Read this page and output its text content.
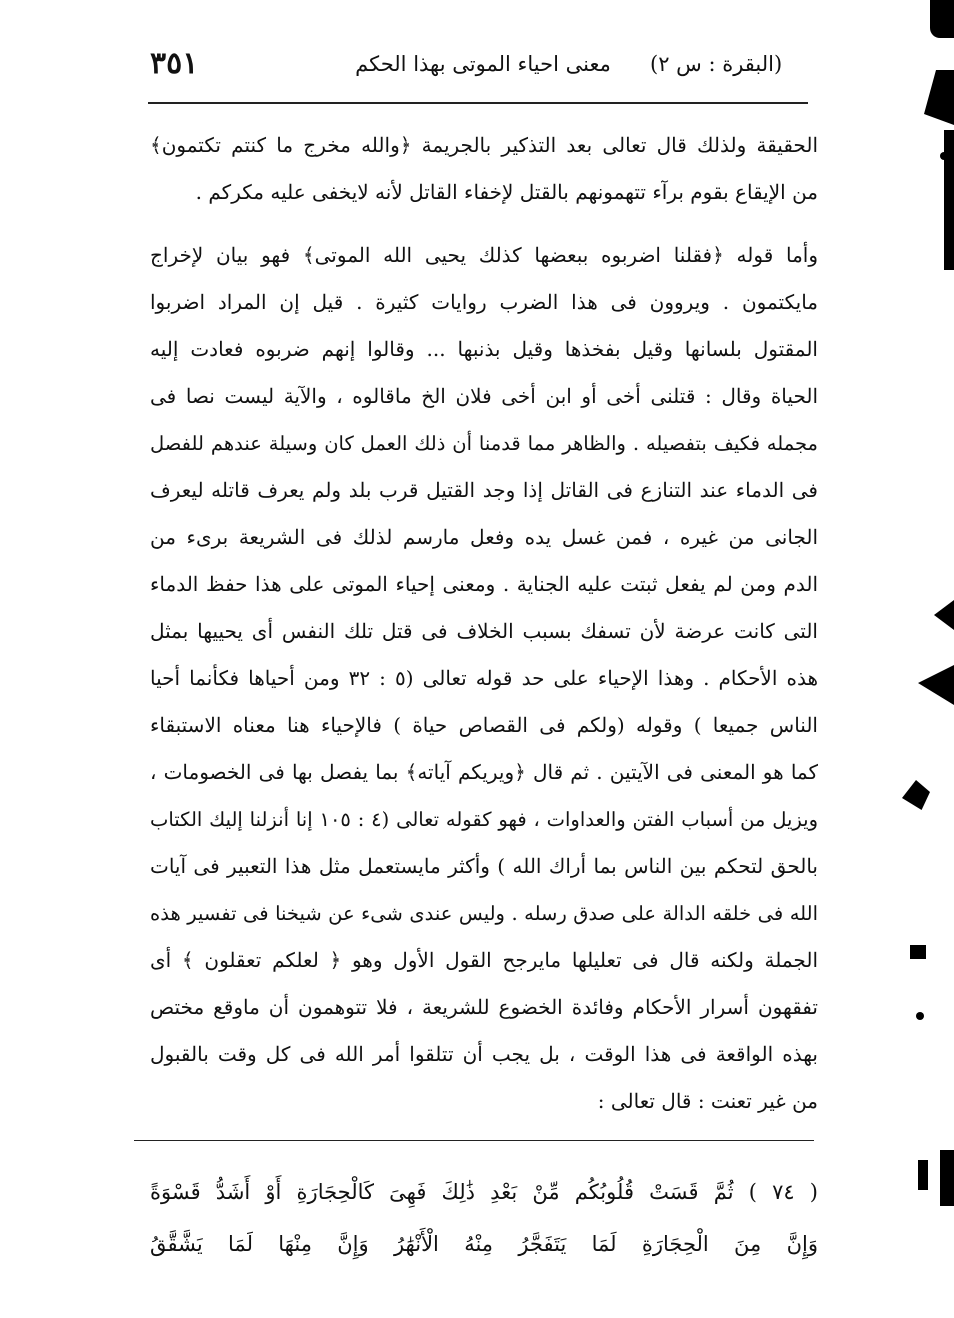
(البقرة : س ٢)
معنى احياء الموتى بهذا الحكم
٣٥١
الحقيقة ولذلك قال تعالى بعد التذكير بالجريمة ﴿والله مخرج ما كنتم تكتمون﴾
من الإيقاع بقوم برآء تتهمونهم بالقتل لإخفاء القاتل لأنه لايخفى عليه مكركم .
وأما قوله ﴿فقلنا اضربوه ببعضها كذلك يحيى الله الموتى﴾ فهو بيان لإخراج
مايكتمون . ويروون فى هذا الضرب روايات كثيرة . قيل إن المراد اضربوا
المقتول بلسانها وقيل بفخذها وقيل بذنبها ... وقالوا إنهم ضربوه فعادت إليه
الحياة وقال : قتلنى أخى أو ابن أخى فلان الخ ماقالوه ، والآية ليست نصا فى
مجمله فكيف بتفصيله . والظاهر مما قدمنا أن ذلك العمل كان وسيلة عندهم للفصل
فى الدماء عند التنازع فى القاتل إذا وجد القتيل قرب بلد ولم يعرف قاتله ليعرف
الجانى من غيره ، فمن غسل يده وفعل مارسم لذلك فى الشريعة برىء من
الدم ومن لم يفعل ثبتت عليه الجناية . ومعنى إحياء الموتى على هذا حفظ الدماء
التى كانت عرضة لأن تسفك بسبب الخلاف فى قتل تلك النفس أى يحييها بمثل
هذه الأحكام . وهذا الإحياء على حد قوله تعالى (٥ : ٣٢ ومن أحياها فكأنما أحيا
الناس جميعا ) وقوله (ولكم فى القصاص حياة ) فالإحياء هنا معناه الاستبقاء
كما هو المعنى فى الآيتين . ثم قال ﴿ويريكم آياته﴾ بما يفصل بها فى الخصومات ،
ويزيل من أسباب الفتن والعداوات ، فهو كقوله تعالى (٤ : ١٠٥ إنا أنزلنا إليك الكتاب
بالحق لتحكم بين الناس بما أراك الله ) وأكثر مايستعمل مثل هذا التعبير فى آيات
الله فى خلقه الدالة على صدق رسله . وليس عندى شىء عن شيخنا فى تفسير هذه
الجملة ولكنه قال فى تعليلها مايرجح القول الأول وهو ﴿ لعلكم تعقلون ﴾ أى
تفقهون أسرار الأحكام وفائدة الخضوع للشريعة ، فلا تتوهمون أن ماوقع مختص
بهذه الواقعة فى هذا الوقت ، بل يجب أن تتلقوا أمر الله فى كل وقت بالقبول
من غير تعنت : قال تعالى :
( ٧٤ ) ثُمَّ قَسَتْ قُلُوبُكُم مِّنْ بَعْدِ ذَٰلِكَ فَهِىَ كَالْحِجَارَةِ أَوْ أَشَدُّ قَسْوَةً
وَإِنَّ مِنَ الْحِجَارَةِ لَمَا يَتَفَجَّرُ مِنْهُ الْأَنْهَٰرُ وَإِنَّ مِنْهَا لَمَا يَشَّقَّقُ
